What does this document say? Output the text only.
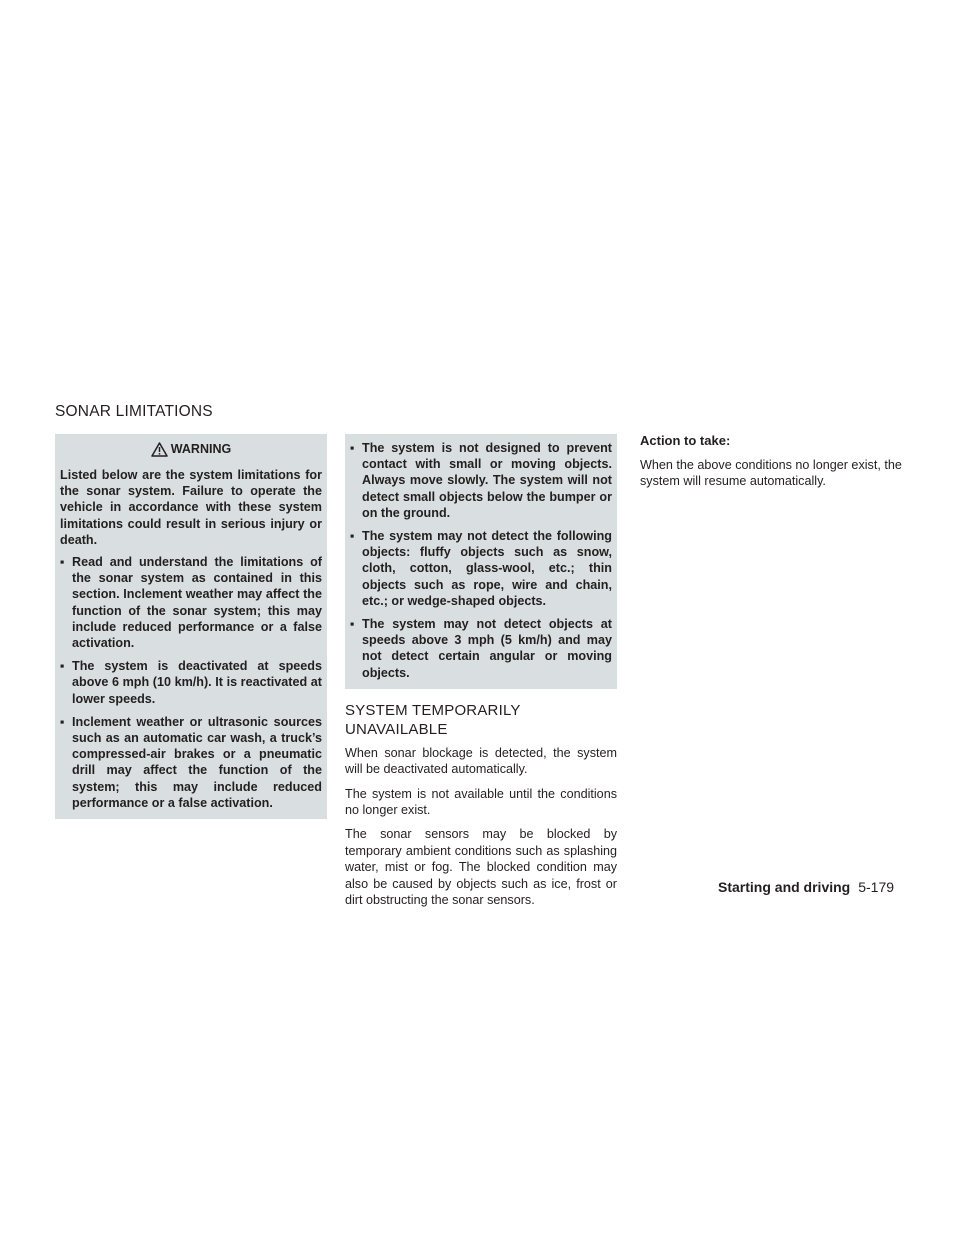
SONAR LIMITATIONS
WARNING

Listed below are the system limitations for the sonar system. Failure to operate the vehicle in accordance with these system limitations could result in serious injury or death.

▪ Read and understand the limitations of the sonar system as contained in this section. Inclement weather may affect the function of the sonar system; this may include reduced performance or a false activation.
▪ The system is deactivated at speeds above 6 mph (10 km/h). It is reactivated at lower speeds.
▪ Inclement weather or ultrasonic sources such as an automatic car wash, a truck’s compressed-air brakes or a pneumatic drill may affect the function of the system; this may include reduced performance or a false activation.
▪ The system is not designed to prevent contact with small or moving objects. Always move slowly. The system will not detect small objects below the bumper or on the ground.
▪ The system may not detect the following objects: fluffy objects such as snow, cloth, cotton, glass-wool, etc.; thin objects such as rope, wire and chain, etc.; or wedge-shaped objects.
▪ The system may not detect objects at speeds above 3 mph (5 km/h) and may not detect certain angular or moving objects.
SYSTEM TEMPORARILY UNAVAILABLE

When sonar blockage is detected, the system will be deactivated automatically.

The system is not available until the conditions no longer exist.

The sonar sensors may be blocked by temporary ambient conditions such as splashing water, mist or fog. The blocked condition may also be caused by objects such as ice, frost or dirt obstructing the sonar sensors.

Action to take:

When the above conditions no longer exist, the system will resume automatically.

Starting and driving 5-179
